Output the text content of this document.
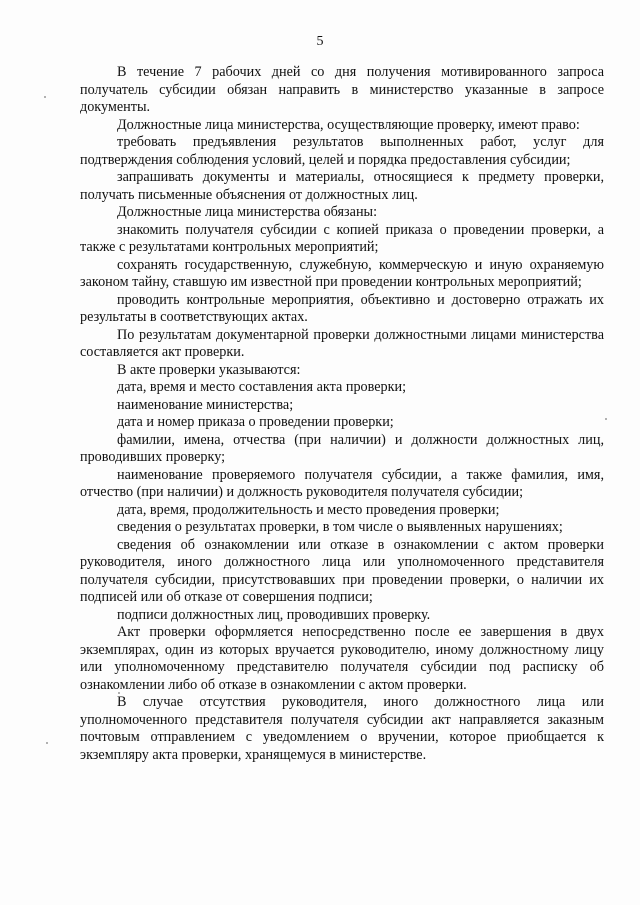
5

В течение 7 рабочих дней со дня получения мотивированного запроса получатель субсидии обязан направить в министерство указанные в запросе документы.

Должностные лица министерства, осуществляющие проверку, имеют право:

требовать предъявления результатов выполненных работ, услуг для подтверждения соблюдения условий, целей и порядка предоставления субсидии;

запрашивать документы и материалы, относящиеся к предмету проверки, получать письменные объяснения от должностных лиц.

Должностные лица министерства обязаны:

знакомить получателя субсидии с копией приказа о проведении проверки, а также с результатами контрольных мероприятий;

сохранять государственную, служебную, коммерческую и иную охраняемую законом тайну, ставшую им известной при проведении контрольных мероприятий;

проводить контрольные мероприятия, объективно и достоверно отражать их результаты в соответствующих актах.

По результатам документарной проверки должностными лицами министерства составляется акт проверки.

В акте проверки указываются:

дата, время и место составления акта проверки;

наименование министерства;

дата и номер приказа о проведении проверки;

фамилии, имена, отчества (при наличии) и должности должностных лиц, проводивших проверку;

наименование проверяемого получателя субсидии, а также фамилия, имя, отчество (при наличии) и должность руководителя получателя субсидии;

дата, время, продолжительность и место проведения проверки;

сведения о результатах проверки, в том числе о выявленных нарушениях;

сведения об ознакомлении или отказе в ознакомлении с актом проверки руководителя, иного должностного лица или уполномоченного представителя получателя субсидии, присутствовавших при проведении проверки, о наличии их подписей или об отказе от совершения подписи;

подписи должностных лиц, проводивших проверку.

Акт проверки оформляется непосредственно после ее завершения в двух экземплярах, один из которых вручается руководителю, иному должностному лицу или уполномоченному представителю получателя субсидии под расписку об ознакомлении либо об отказе в ознакомлении с актом проверки.

В случае отсутствия руководителя, иного должностного лица или уполномоченного представителя получателя субсидии акт направляется заказным почтовым отправлением с уведомлением о вручении, которое приобщается к экземпляру акта проверки, хранящемуся в министерстве.
